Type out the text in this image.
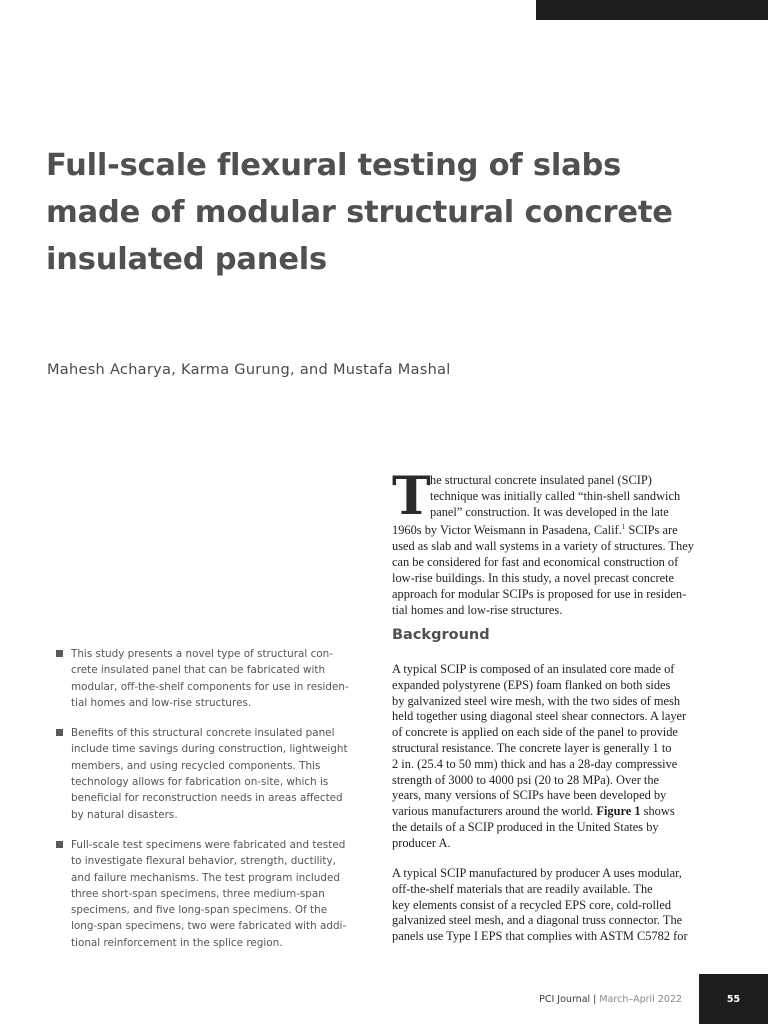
Full-scale flexural testing of slabs
made of modular structural concrete
insulated panels

Mahesh Acharya, Karma Gurung, and Mustafa Mashal

This study presents a novel type of structural con-
crete insulated panel that can be fabricated with
modular, off-the-shelf components for use in residen-
tial homes and low-rise structures.
Benefits of this structural concrete insulated panel
include time savings during construction, lightweight
members, and using recycled components. This
technology allows for fabrication on-site, which is
beneficial for reconstruction needs in areas affected
by natural disasters.
Full-scale test specimens were fabricated and tested
to investigate flexural behavior, strength, ductility,
and failure mechanisms. The test program included
three short-span specimens, three medium-span
specimens, and five long-span specimens. Of the
long-span specimens, two were fabricated with addi-
tional reinforcement in the splice region.
T he structural concrete insulated panel (SCIP)
technique was initially called “thin-shell sandwich
panel” construction. It was developed in the late
1960s by Victor Weismann in Pasadena, Calif.$^1$ SCIPs are
used as slab and wall systems in a variety of structures. They
can be considered for fast and economical construction of
low-rise buildings. In this study, a novel precast concrete
approach for modular SCIPs is proposed for use in residen-
tial homes and low-rise structures.
Background
A typical SCIP is composed of an insulated core made of
expanded polystyrene (EPS) foam flanked on both sides
by galvanized steel wire mesh, with the two sides of mesh
held together using diagonal steel shear connectors. A layer
of concrete is applied on each side of the panel to provide
structural resistance. The concrete layer is generally 1 to
2 in. (25.4 to 50 mm) thick and has a 28-day compressive
strength of 3000 to 4000 psi (20 to 28 MPa). Over the
years, many versions of SCIPs have been developed by
various manufacturers around the world. Figure 1 shows
the details of a SCIP produced in the United States by
producer A.
A typical SCIP manufactured by producer A uses modular,
off-the-shelf materials that are readily available. The
key elements consist of a recycled EPS core, cold-rolled
galvanized steel mesh, and a diagonal truss connector. The
panels use Type I EPS that complies with ASTM C5782 for
PCI Journal | March–April 2022	55
